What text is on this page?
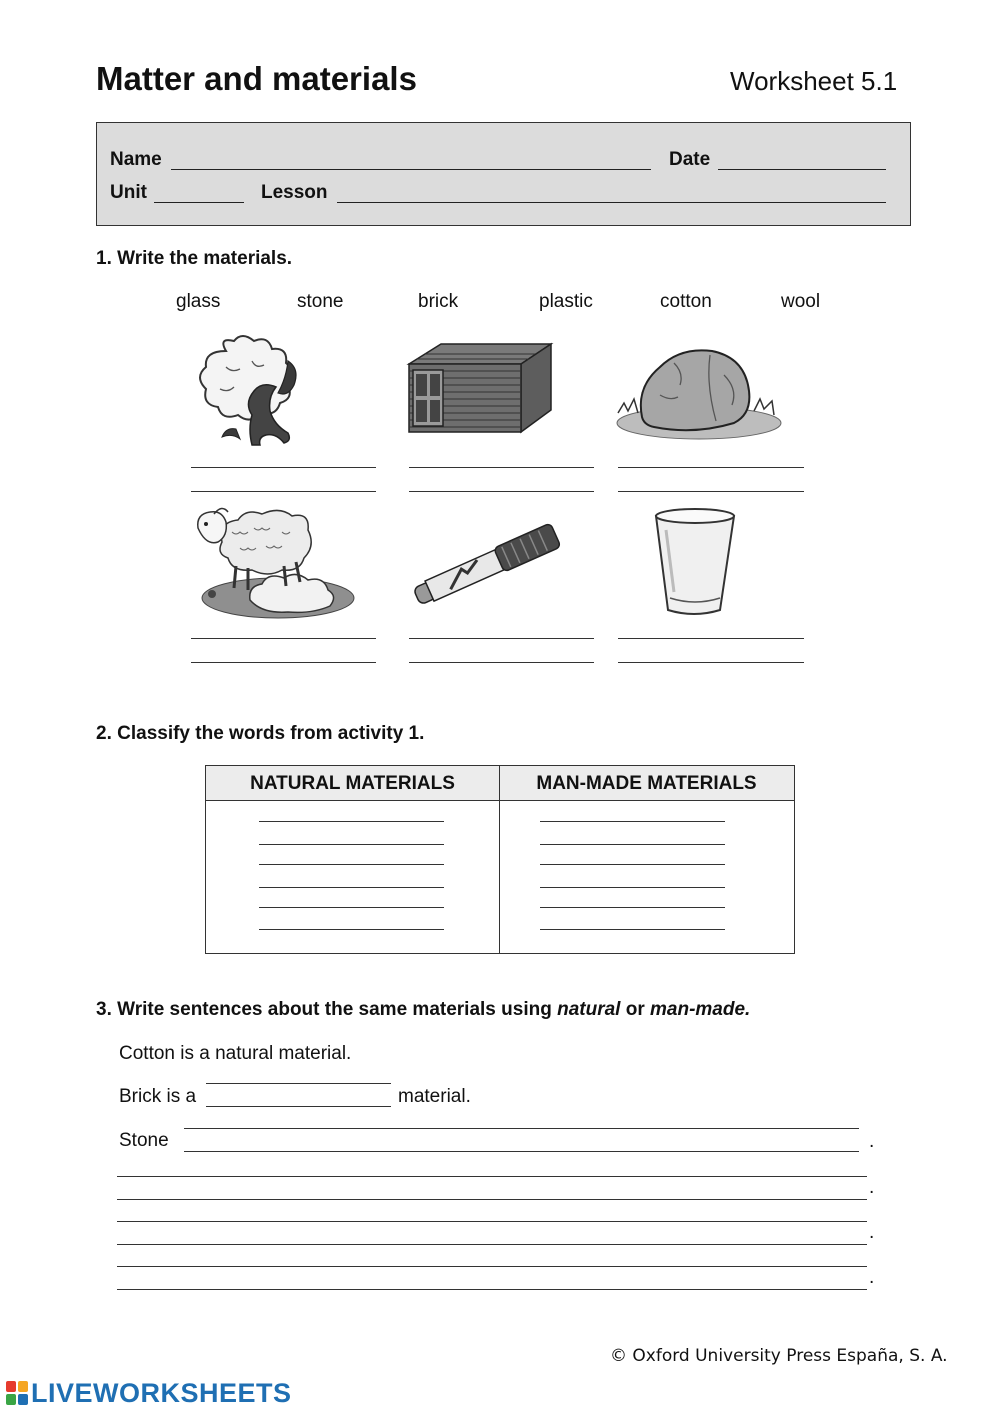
Matter and materials	Worksheet 5.1
Name	Date
Unit	Lesson
1. Write the materials.
glass	stone	brick	plastic	cotton	wool
2. Classify the words from activity 1.
NATURAL MATERIALS	MAN-MADE MATERIALS
3. Write sentences about the same materials using natural or man-made.
Cotton is a natural material.
Brick is a	material.
Stone	.
.
.
.
© Oxford University Press España, S. A.
LIVEWORKSHEETS
